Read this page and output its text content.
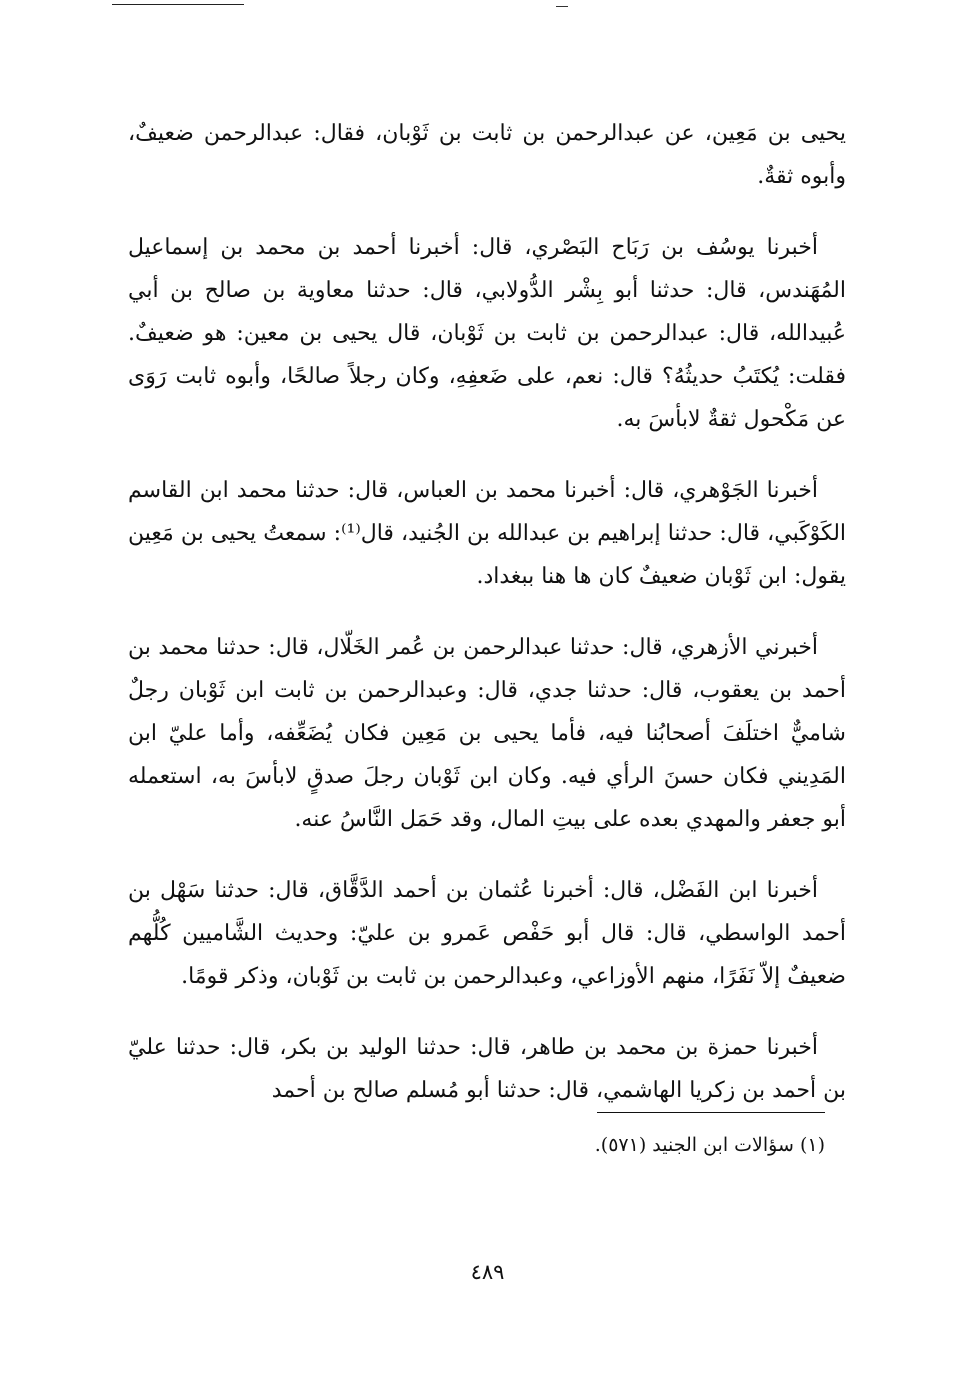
يحيى بن مَعِين، عن عبدالرحمن بن ثابت بن ثَوْبان، فقال: عبدالرحمن ضعيفٌ، وأبوه ثقةٌ.

أخبرنا يوسُف بن رَبَاح البَصْري، قال: أخبرنا أحمد بن محمد بن إسماعيل المُهَندس، قال: حدثنا أبو بِشْر الدُّولابي، قال: حدثنا معاوية بن صالح بن أبي عُبيدالله، قال: عبدالرحمن بن ثابت بن ثَوْبان، قال يحيى بن معين: هو ضعيفٌ. فقلت: يُكتَبُ حديثُهُ؟ قال: نعم، على ضَعفِهِ، وكان رجلاً صالحًا، وأبوه ثابت رَوَى عن مَكْحول ثقةٌ لابأسَ به.

أخبرنا الجَوْهري، قال: أخبرنا محمد بن العباس، قال: حدثنا محمد ابن القاسم الكَوْكَبي، قال: حدثنا إبراهيم بن عبدالله بن الجُنيد، قال⁽¹⁾: سمعتُ يحيى بن مَعِين يقول: ابن ثَوْبان ضعيفٌ كان ها هنا ببغداد.

أخبرني الأزهري، قال: حدثنا عبدالرحمن بن عُمر الخَلّال، قال: حدثنا محمد بن أحمد بن يعقوب، قال: حدثنا جدي، قال: وعبدالرحمن بن ثابت ابن ثَوْبان رجلٌ شاميٌّ اختلَفَ أصحابُنا فيه، فأما يحيى بن مَعِين فكان يُضَعِّفه، وأما عليّ ابن المَدِيني فكان حسنَ الرأي فيه. وكان ابن ثَوْبان رجلَ صدقٍ لابأسَ به، استعمله أبو جعفر والمهدي بعده على بيتِ المال، وقد حَمَل النَّاسُ عنه.

أخبرنا ابن الفَضْل، قال: أخبرنا عُثمان بن أحمد الدَّقَّاق، قال: حدثنا سَهْل بن أحمد الواسطي، قال: قال أبو حَفْص عَمرو بن عليّ: وحديث الشَّاميين كُلُّهم ضعيفٌ إلاّ نَفَرًا، منهم الأوزاعي، وعبدالرحمن بن ثابت بن ثَوْبان، وذكر قومًا.

أخبرنا حمزة بن محمد بن طاهر، قال: حدثنا الوليد بن بكر، قال: حدثنا عليّ بن أحمد بن زكريا الهاشمي، قال: حدثنا أبو مُسلم صالح بن أحمد

(١) سؤالات ابن الجنيد (٥٧١).
٤٨٩
